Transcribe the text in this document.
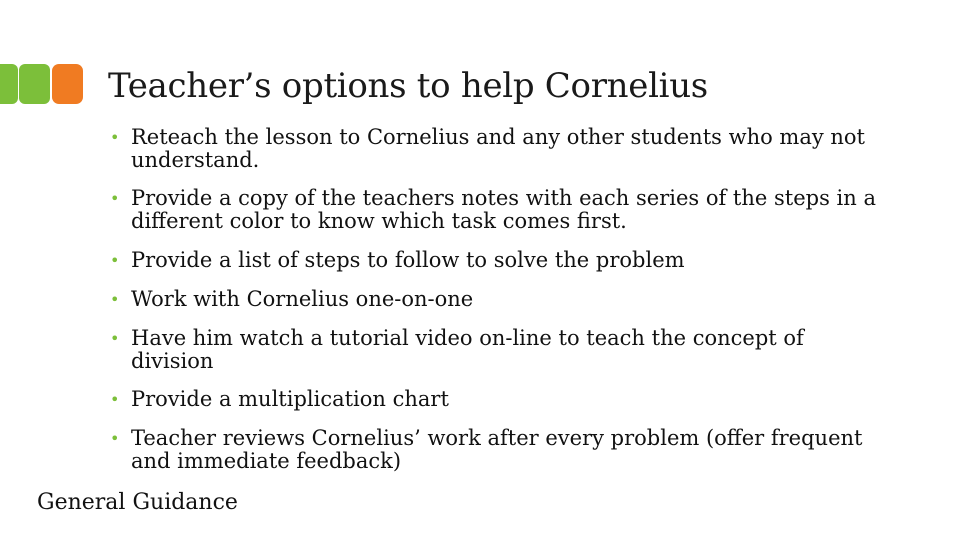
Teacher’s options to help Cornelius
• Reteach the lesson to Cornelius and any other students who may not understand.
• Provide a copy of the teachers notes with each series of the steps in a different color to know which task comes first.
• Provide a list of steps to follow to solve the problem
• Work with Cornelius one-on-one
• Have him watch a tutorial video on-line to teach the concept of division
• Provide a multiplication chart
• Teacher reviews Cornelius’ work after every problem (offer frequent and immediate feedback)
General Guidance
